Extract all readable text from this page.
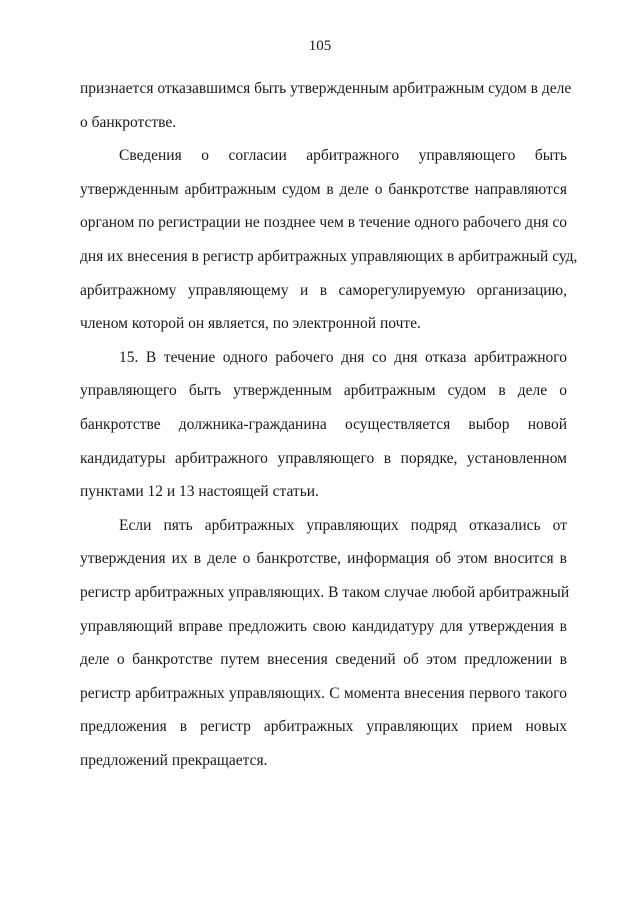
105
признается отказавшимся быть утвержденным арбитражным судом в деле
о банкротстве.
Сведения о согласии арбитражного управляющего быть
утвержденным арбитражным судом в деле о банкротстве направляются
органом по регистрации не позднее чем в течение одного рабочего дня со
дня их внесения в регистр арбитражных управляющих в арбитражный суд,
арбитражному управляющему и в саморегулируемую организацию,
членом которой он является, по электронной почте.
15. В течение одного рабочего дня со дня отказа арбитражного
управляющего быть утвержденным арбитражным судом в деле о
банкротстве должника-гражданина осуществляется выбор новой
кандидатуры арбитражного управляющего в порядке, установленном
пунктами 12 и 13 настоящей статьи.
Если пять арбитражных управляющих подряд отказались от
утверждения их в деле о банкротстве, информация об этом вносится в
регистр арбитражных управляющих. В таком случае любой арбитражный
управляющий вправе предложить свою кандидатуру для утверждения в
деле о банкротстве путем внесения сведений об этом предложении в
регистр арбитражных управляющих. С момента внесения первого такого
предложения в регистр арбитражных управляющих прием новых
предложений прекращается.
